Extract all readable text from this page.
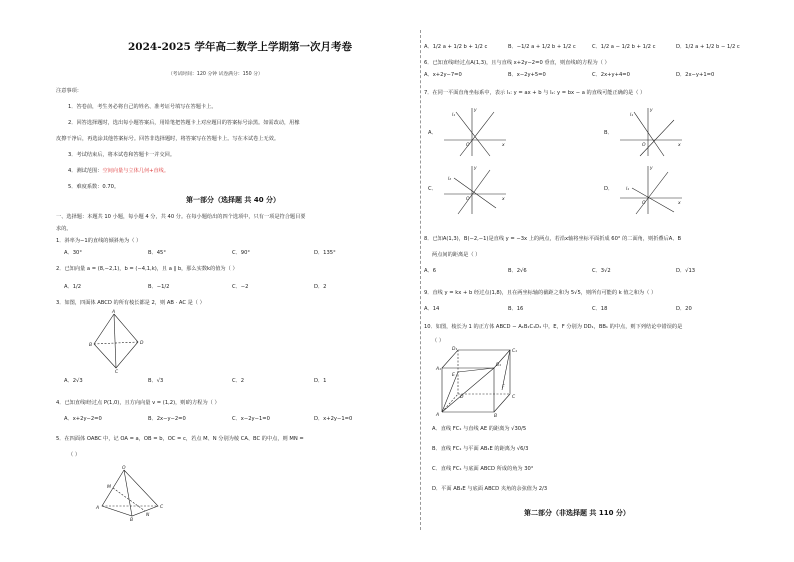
2024-2025 学年高二数学上学期第一次月考卷
（考试时间：120 分钟 试卷满分：150 分）
注意事项：
1．答卷前，考生务必将自己的姓名、准考证号填写在答题卡上。
2．回答选择题时，选出每小题答案后，用铅笔把答题卡上对应题目的答案标号涂黑。如需改动，用橡
皮擦干净后，再选涂其他答案标号。回答非选择题时，将答案写在答题卡上。写在本试卷上无效。
3．考试结束后，将本试卷和答题卡一并交回。
4．测试范围：空间向量与立体几何+直线。
5．难度系数：0.70。
第一部分（选择题 共 40 分）
一、选择题：本题共 10 小题，每小题 4 分，共 40 分。在每小题给出的四个选项中，只有一项是符合题目要
求的。
1．斜率为−1的直线的倾斜角为（ ）
A．30°	B．45°	C．90°	D．135°
2．已知向量 a = (8,−2,1)，b = (−4,1,k)，且 a ∥ b，那么实数k的值为（ ）
A．1/2	B．−1/2	C．−2	D．2
3．如图，四面体 ABCD 的所有棱长都是 2，则 AB · AC 是（ ）
A
B
C
D
A．2√3	B．√3	C．2	D．1
4．已知直线l经过点 P(1,0)，且方向向量 v = (1,2)，则l的方程为（ ）
A．x+2y−2=0	B．2x−y−2=0	C．x−2y−1=0	D．x+2y−1=0
5．在四面体 OABC 中，记 OA = a，OB = b，OC = c，若点 M、N 分别为棱 CA、BC 的中点，则 MN =
（ ）
O
A
B
C
M
N
A．1/2 a + 1/2 b + 1/2 c	B．−1/2 a + 1/2 b + 1/2 c	C．1/2 a − 1/2 b + 1/2 c	D．1/2 a + 1/2 b − 1/2 c
6．已知直线l经过点A(1,3)，且与直线 x+2y−2=0 垂直，则直线l的方程为（ ）
A．x+2y−7=0	B．x−2y+5=0	C．2x+y+4=0	D．2x−y+1=0
7．在同一平面直角坐标系中，表示 l₁: y = ax + b 与 l₂: y = bx − a 的直线可能正确的是（ ）
A．
y
x
O
l₁
B．
y
x
O
l₁
C．
y
x
O
l₂
D．
y
x
O
l₁
8．已知A(1,3)，B(−2,−1)是直线 y = −3x 上的两点，若沿x轴将坐标平面折成 60° 的二面角，则折叠后A、B
两点间的距离是（ ）
A．6	B．2√6	C．3√2	D．√13
9．直线 y = kx + b 经过点(1,8)，且在两坐标轴的截距之和为 5√5，则所有可能的 k 值之和为（ ）
A．14	B．16	C．18	D．20
10．如图，棱长为 1 的正方体 ABCD − A₁B₁C₁D₁ 中，E，F 分别为 DD₁，BB₁ 的中点，则下列结论中错误的是
（ ）
A	B
C
D
A₁
B₁
C₁
D₁
E
F
A．直线 FC₁ 与直线 AE 的距离为 √30/5
B．直线 FC₁ 与平面 AB₁E 的距离为 √6/3
C．直线 FC₁ 与底面 ABCD 所成的角为 30°
D．平面 AB₁E 与底面 ABCD 夹角的余弦值为 2/3
第二部分（非选择题 共 110 分）
